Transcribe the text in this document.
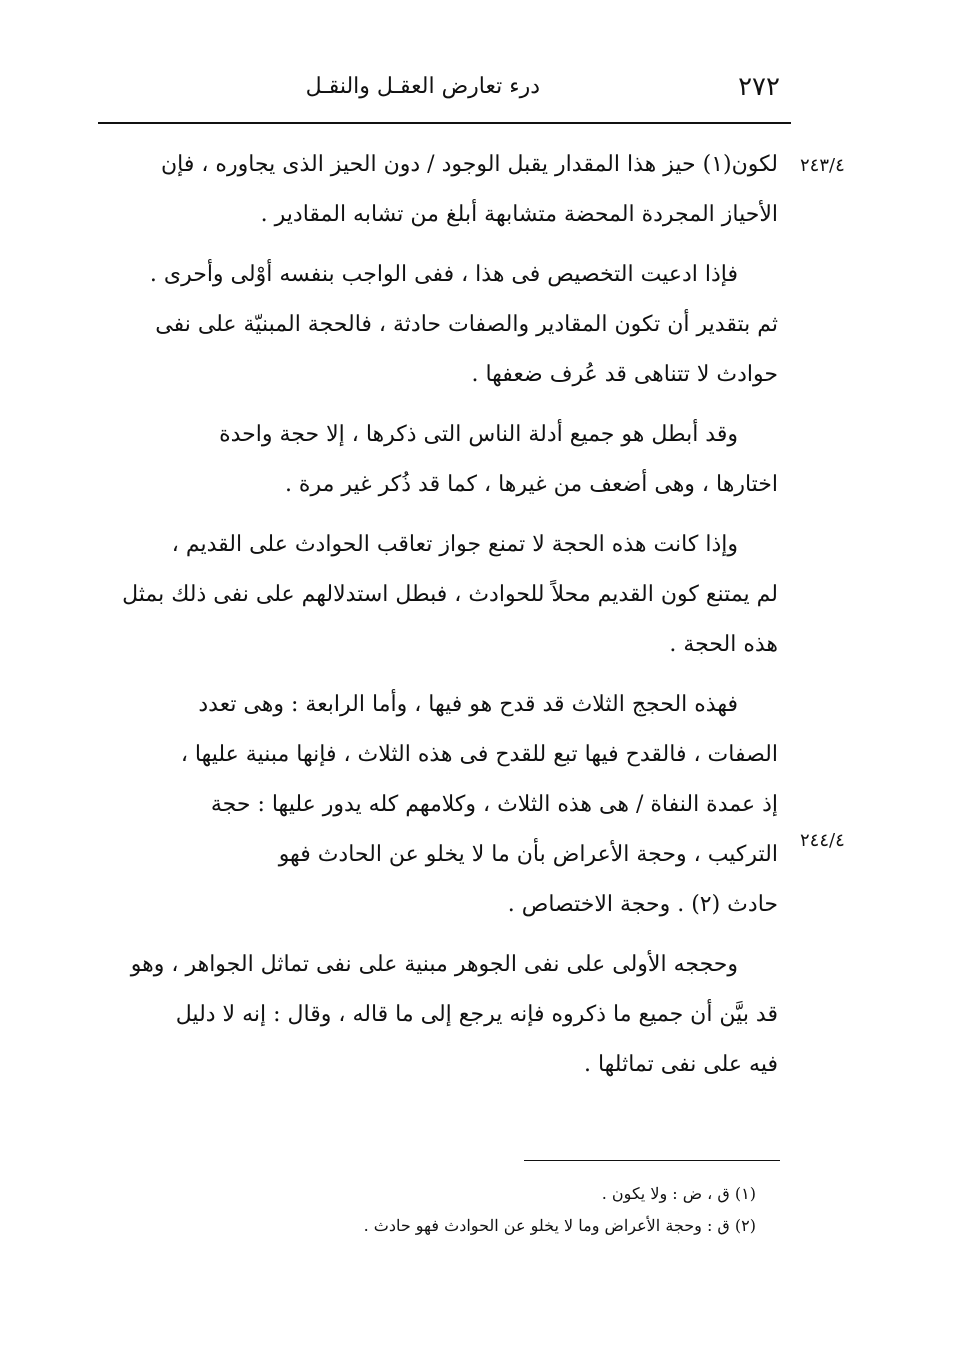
٢٧٢
درء تعارض العقـل والنقـل
٢٤٣/٤
٢٤٤/٤

لكون(١) حيز هذا المقدار يقبل الوجود / دون الحيز الذى يجاوره ، فإن

الأحياز المجردة المحضة متشابهة أبلغ من تشابه المقادير .

فإذا ادعيت التخصيص فى هذا ، ففى الواجب بنفسه أوْلى وأحرى .

ثم بتقدير أن تكون المقادير والصفات حادثة ، فالحجة المبنيّة على نفى

حوادث لا تتناهى قد عُرف ضعفها .

وقد أبطل هو جميع أدلة الناس التى ذكرها ، إلا حجة واحدة

اختارها ، وهى أضعف من غيرها ، كما قد ذُكر غير مرة .

وإذا كانت هذه الحجة لا تمنع جواز تعاقب الحوادث على القديم ،

لم يمتنع كون القديم محلاً للحوادث ، فبطل استدلالهم على نفى ذلك بمثل

هذه الحجة .

فهذه الحجج الثلاث قد قدح هو فيها ، وأما الرابعة : وهى تعدد

الصفات ، فالقدح فيها تبع للقدح فى هذه الثلاث ، فإنها مبنية عليها ،

إذ عمدة النفاة / هى هذه الثلاث ، وكلامهم كله يدور عليها : حجة

التركيب ، وحجة الأعراض بأن ما لا يخلو عن الحادث فهو

حادث (٢) . وحجة الاختصاص .

وحججه الأولى على نفى الجوهر مبنية على نفى تماثل الجواهر ، وهو

قد بيَّن أن جميع ما ذكروه فإنه يرجع إلى ما قاله ، وقال : إنه لا دليل

فيه على نفى تماثلها .

(١) ق ، ض : ولا يكون .

(٢) ق : وحجة الأعراض وما لا يخلو عن الحوادث فهو حادث .
